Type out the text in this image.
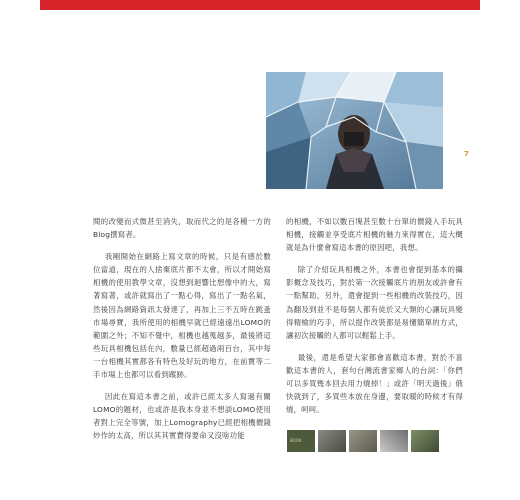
7

閱的改變而式微甚至消失，取而代之的是各種一方的Blog撰寫者。

我剛開始在網路上寫文章的時候，只是有感於數位當道，現在的人捨棄底片都不太會，所以才開始寫相機的使用教學文章，沒想到迴響比想像中的大，寫著寫著，或許就寫出了一點心得，寫出了一點名氣，然後因為網路資訊太發達了，再加上三不五時在跳蚤市場尋寶，我所使用的相機早就已經遠遠出LOMO的範圍之外；不知不覺中，相機也越蒐越多，最後將這些玩具相機包括在內，數量已經超過兩百台，其中每一台相機其實都各有特色及好玩的地方，在前寶等二手市場上也都可以看到蹤跡。

因此在寫這本書之前，或許已經太多人寫過有關LOMO的題材，也或許是我本身並不想談LOMO使用者對上完全等號，加上Lomography已經把相機價錢炒作的太高，所以其其實費得要命又沒啥功能

的相機，不如以數百塊甚至數十台單的價錢入手玩具相機，接觸並享受底片相機的魅力來得實在，這大概就是為什麼會寫這本書的原因吧，我想。

除了介紹玩具相機之外，本書也會提到基本的攝影概念及技巧，對於第一次接觸底片的朋友或許會有一點幫助，另外，還會提到一些相機的改裝技巧，因為翻及到並不是每個人都有徒於又大類的心讓玩具變得精檢的巧手，所以提作改裝都是易懂簡單的方式，讓初次接觸的人都可以輕鬆上手。

最後，還是希望大家都會喜歡這本書，對於不喜歡這本書的人，套句台灣流書家鄉人的台詞：「你們可以多買幾本回去用力燒掉！」或許「明天過後」俄快就到了，多買些本放在身邊，要取暖的時候才有得燒，呵呵。

BOOK
